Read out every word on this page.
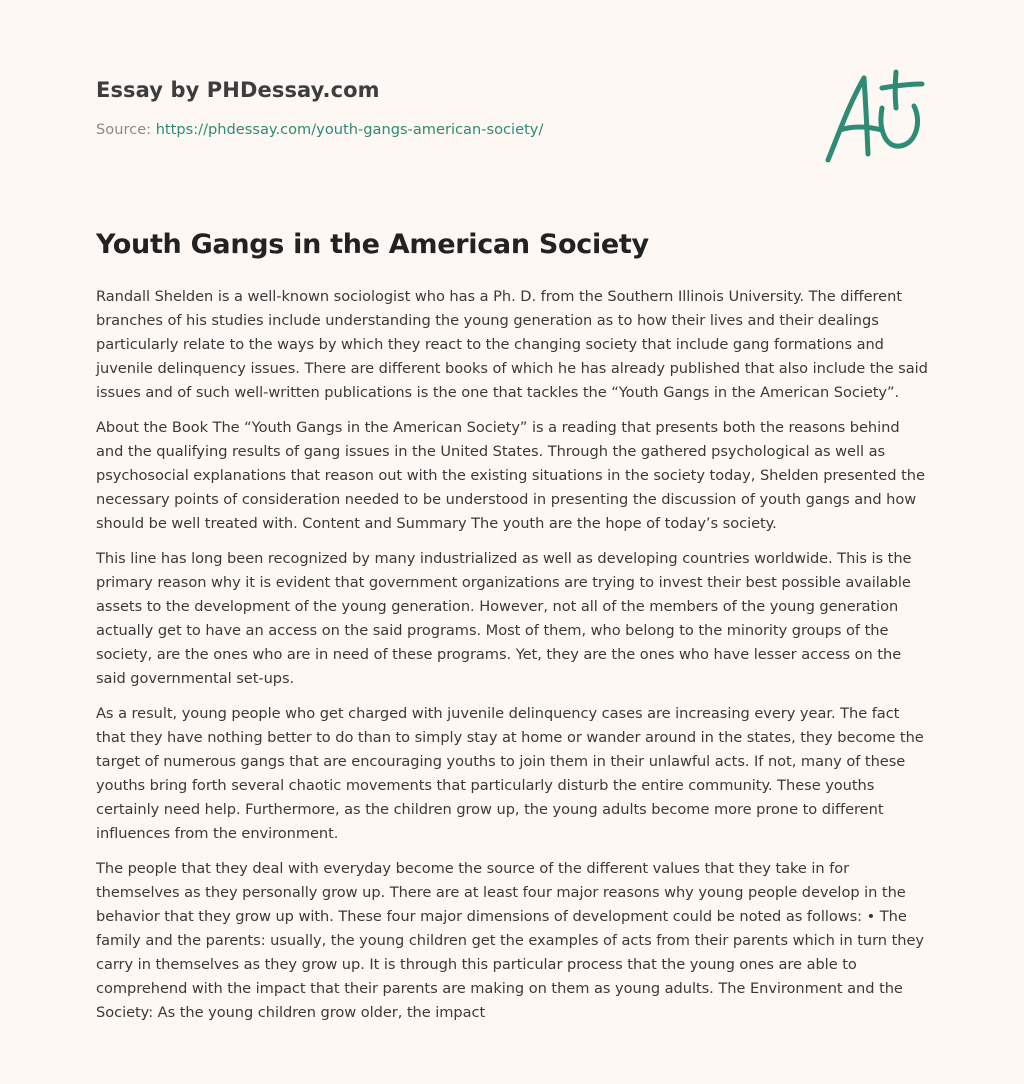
Essay by PHDessay.com
Source: https://phdessay.com/youth-gangs-american-society/
Youth Gangs in the American Society

Randall Shelden is a well-known sociologist who has a Ph. D. from the Southern Illinois University. The different branches of his studies include understanding the young generation as to how their lives and their dealings particularly relate to the ways by which they react to the changing society that include gang formations and juvenile delinquency issues. There are different books of which he has already published that also include the said issues and of such well-written publications is the one that tackles the “Youth Gangs in the American Society”.

About the Book The “Youth Gangs in the American Society” is a reading that presents both the reasons behind and the qualifying results of gang issues in the United States. Through the gathered psychological as well as psychosocial explanations that reason out with the existing situations in the society today, Shelden presented the necessary points of consideration needed to be understood in presenting the discussion of youth gangs and how should be well treated with. Content and Summary The youth are the hope of today’s society.

This line has long been recognized by many industrialized as well as developing countries worldwide. This is the primary reason why it is evident that government organizations are trying to invest their best possible available assets to the development of the young generation. However, not all of the members of the young generation actually get to have an access on the said programs. Most of them, who belong to the minority groups of the society, are the ones who are in need of these programs. Yet, they are the ones who have lesser access on the said governmental set-ups.

As a result, young people who get charged with juvenile delinquency cases are increasing every year. The fact that they have nothing better to do than to simply stay at home or wander around in the states, they become the target of numerous gangs that are encouraging youths to join them in their unlawful acts. If not, many of these youths bring forth several chaotic movements that particularly disturb the entire community. These youths certainly need help. Furthermore, as the children grow up, the young adults become more prone to different influences from the environment.

The people that they deal with everyday become the source of the different values that they take in for themselves as they personally grow up. There are at least four major reasons why young people develop in the behavior that they grow up with. These four major dimensions of development could be noted as follows: • The family and the parents: usually, the young children get the examples of acts from their parents which in turn they carry in themselves as they grow up. It is through this particular process that the young ones are able to comprehend with the impact that their parents are making on them as young adults. The Environment and the Society: As the young children grow older, the impact
